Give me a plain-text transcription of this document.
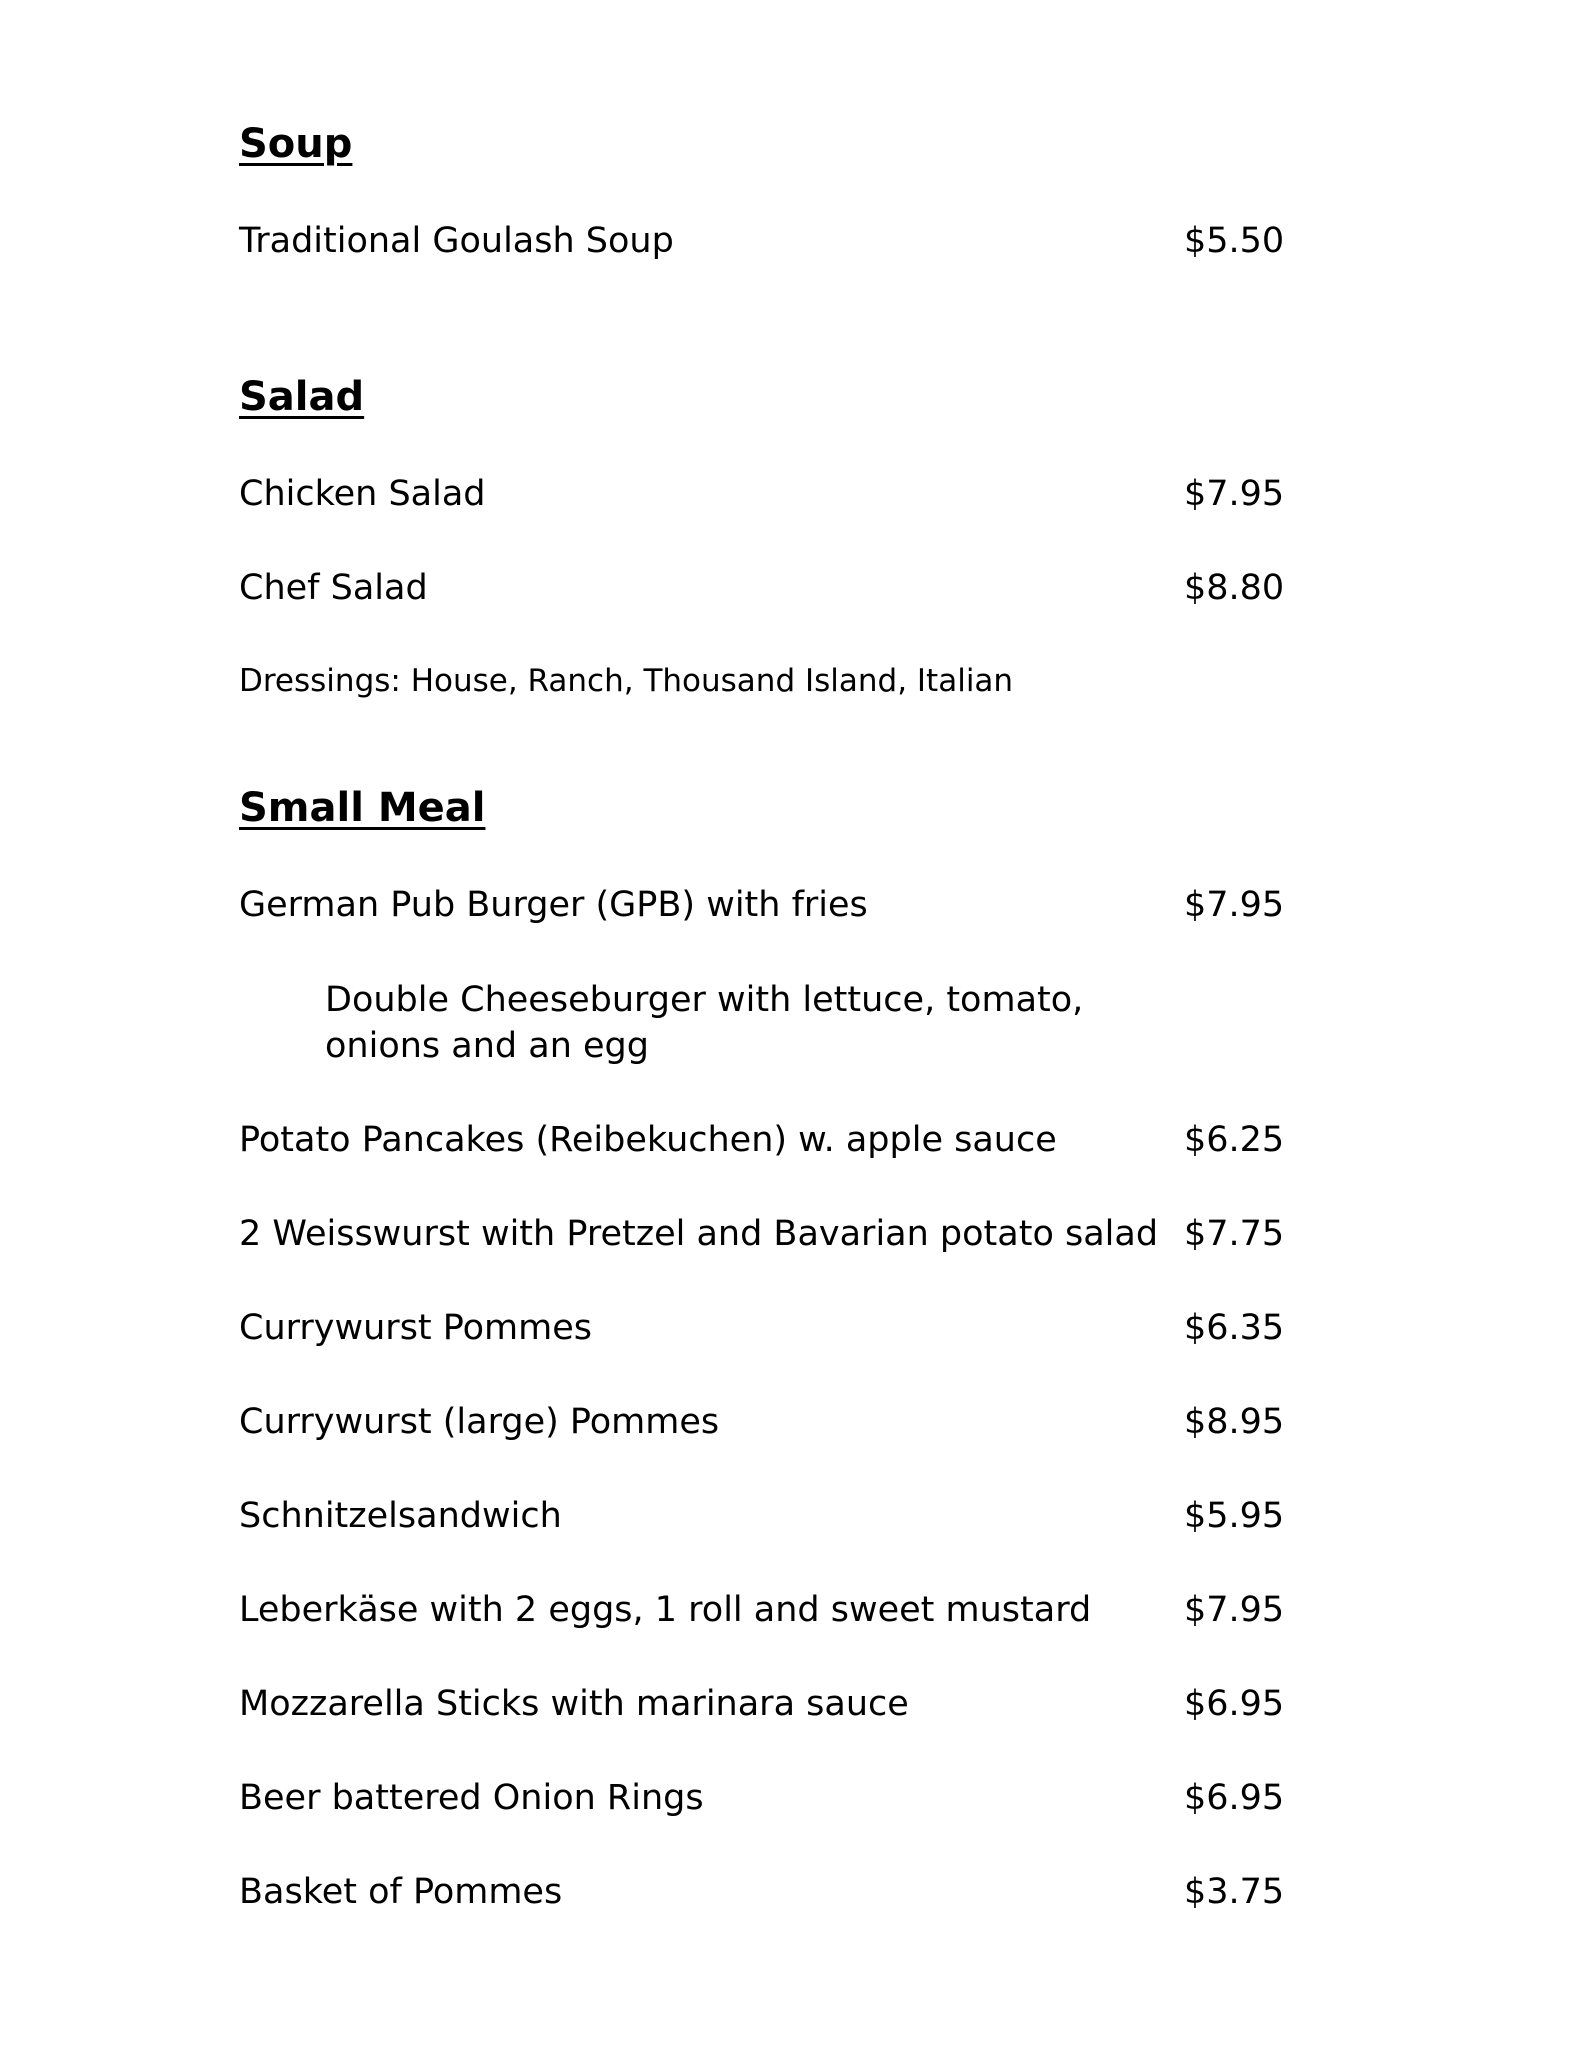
Soup
Traditional Goulash Soup	$5.50
Salad
Chicken Salad	$7.95
Chef Salad	$8.80
Dressings: House, Ranch, Thousand Island, Italian
Small Meal
German Pub Burger (GPB) with fries	$7.95
Double Cheeseburger with lettuce, tomato, onions and an egg
Potato Pancakes (Reibekuchen) w. apple sauce	$6.25
2 Weisswurst with Pretzel and Bavarian potato salad $7.75
Currywurst Pommes	$6.35
Currywurst (large) Pommes	$8.95
Schnitzelsandwich	$5.95
Leberkäse with 2 eggs, 1 roll and sweet mustard	$7.95
Mozzarella Sticks with marinara sauce	$6.95
Beer battered Onion Rings	$6.95
Basket of Pommes	$3.75
